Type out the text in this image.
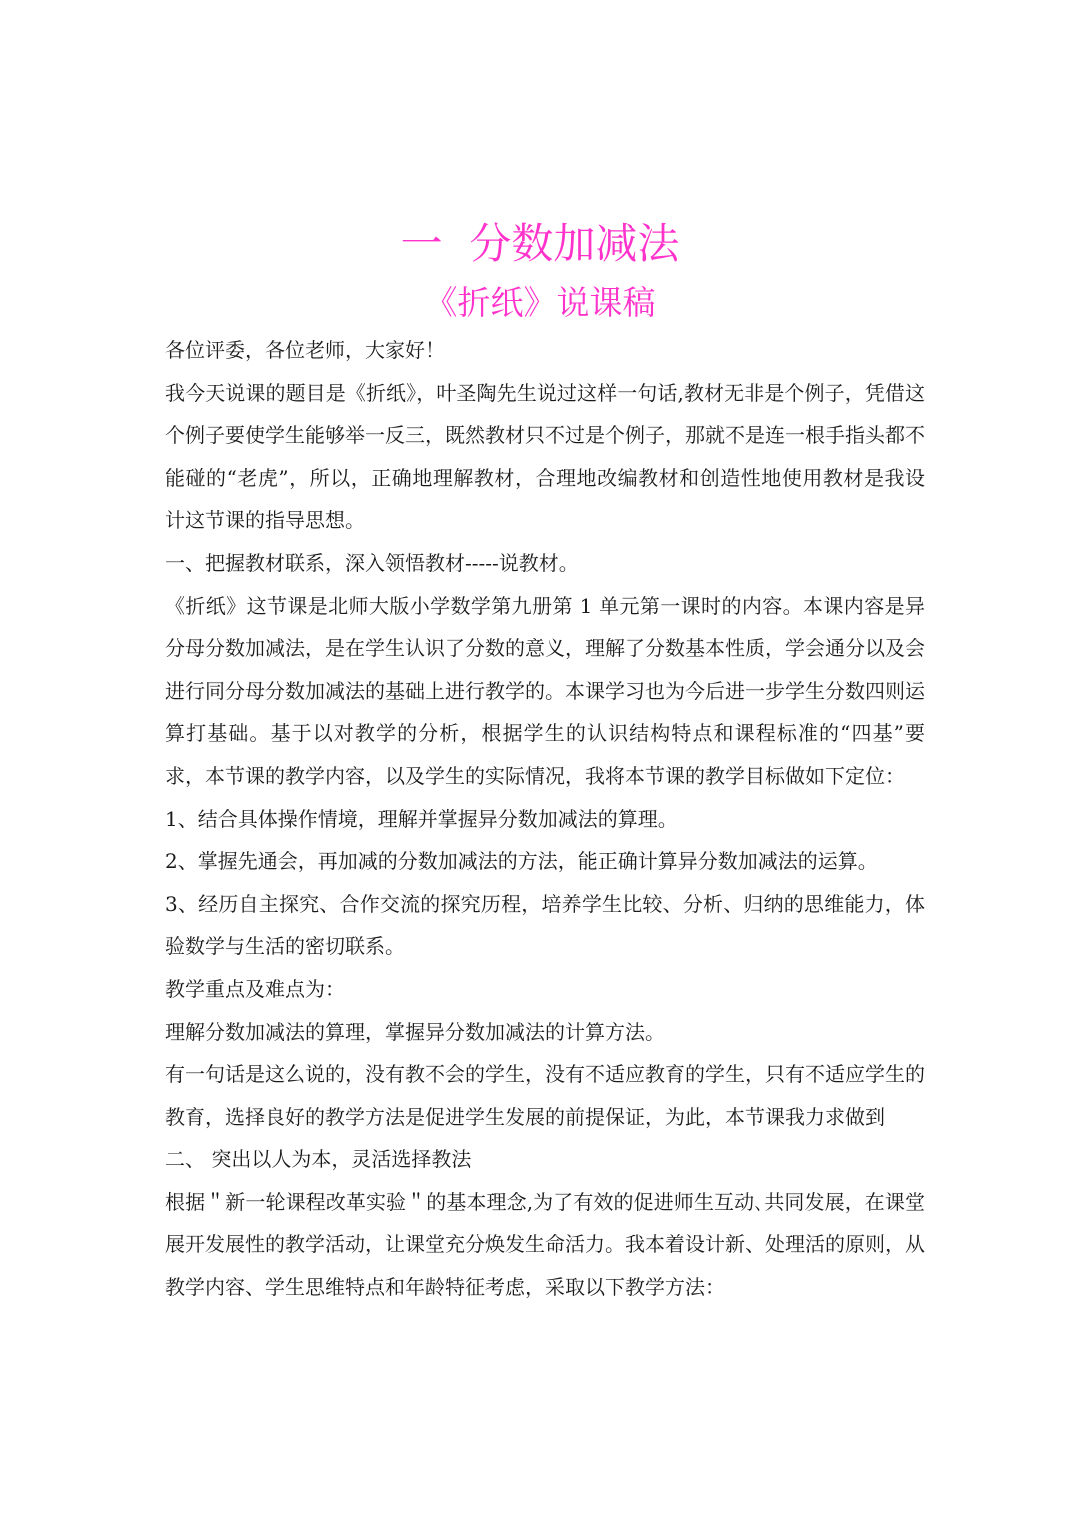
一  分数加减法
《折纸》说课稿

各位评委，各位老师，大家好！

我今天说课的题目是《折纸》，叶圣陶先生说过这样一句话,教材无非是个例子，凭借这个例子要使学生能够举一反三，既然教材只不过是个例子，那就不是连一根手指头都不能碰的“老虎”，所以，正确地理解教材，合理地改编教材和创造性地使用教材是我设计这节课的指导思想。

一、把握教材联系，深入领悟教材-----说教材。

《折纸》这节课是北师大版小学数学第九册第 1 单元第一课时的内容。本课内容是异分母分数加减法，是在学生认识了分数的意义，理解了分数基本性质，学会通分以及会进行同分母分数加减法的基础上进行教学的。本课学习也为今后进一步学生分数四则运算打基础。基于以对教学的分析，根据学生的认识结构特点和课程标准的“四基”要求，本节课的教学内容，以及学生的实际情况，我将本节课的教学目标做如下定位：

1、结合具体操作情境，理解并掌握异分数加减法的算理。

2、掌握先通会，再加减的分数加减法的方法，能正确计算异分数加减法的运算。

3、经历自主探究、合作交流的探究历程，培养学生比较、分析、归纳的思维能力，体验数学与生活的密切联系。

教学重点及难点为：

理解分数加减法的算理，掌握异分数加减法的计算方法。

有一句话是这么说的，没有教不会的学生，没有不适应教育的学生，只有不适应学生的教育，选择良好的教学方法是促进学生发展的前提保证，为此，本节课我力求做到

二、 突出以人为本，灵活选择教法

根据＂新一轮课程改革实验＂的基本理念,为了有效的促进师生互动､共同发展，在课堂展开发展性的教学活动，让课堂充分焕发生命活力。我本着设计新、处理活的原则，从教学内容、学生思维特点和年龄特征考虑，采取以下教学方法：
